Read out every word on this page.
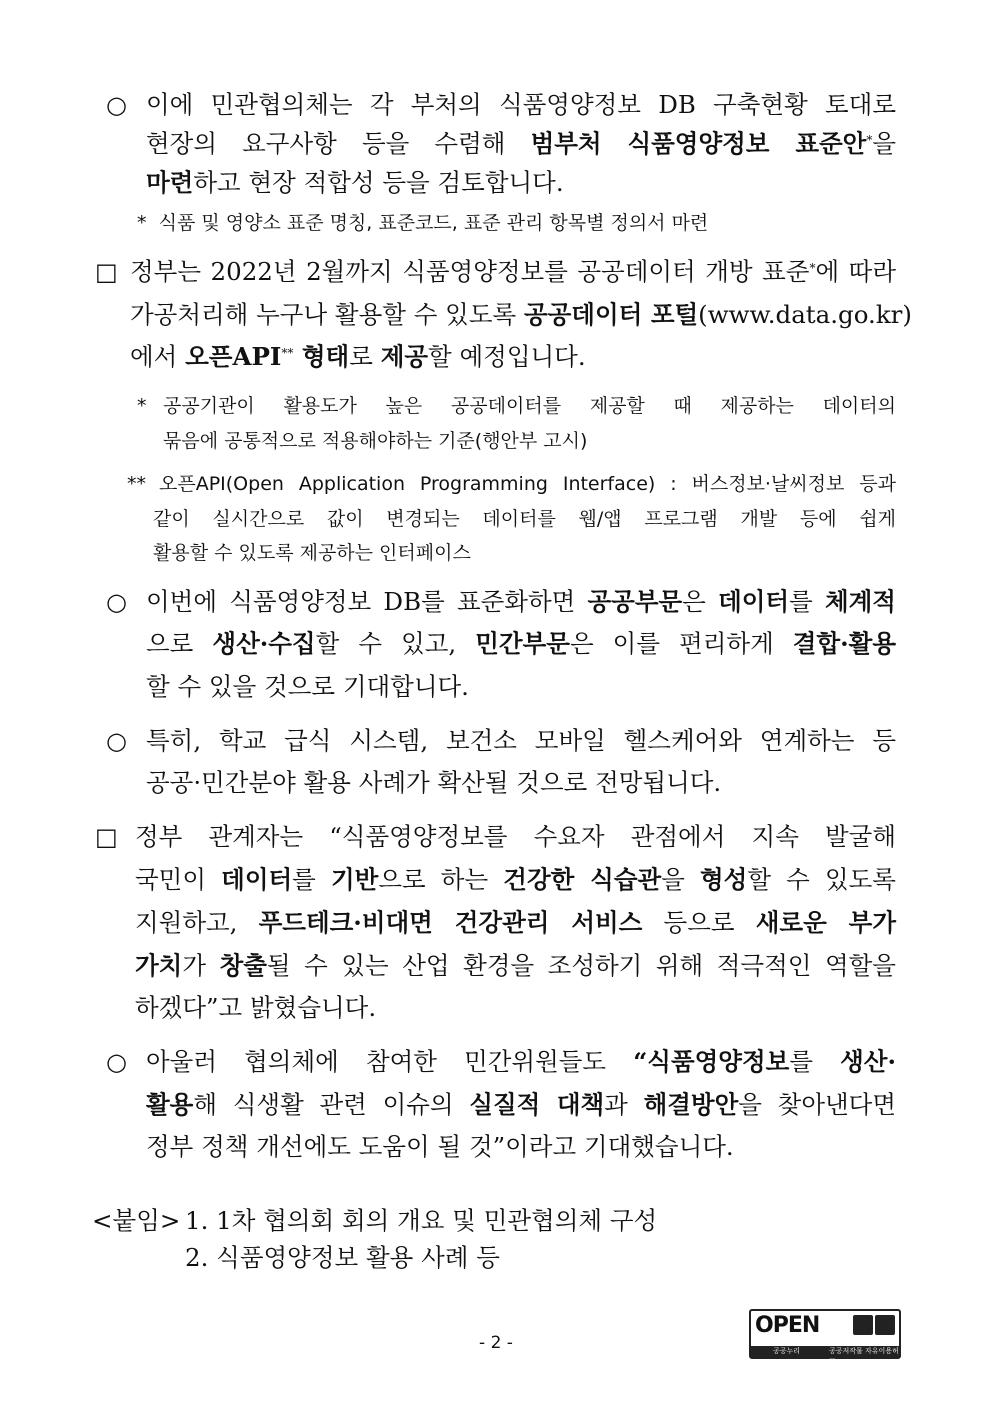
○ 이에 민관협의체는 각 부처의 식품영양정보 DB 구축현황 토대로
현장의 요구사항 등을 수렴해 범부처 식품영양정보 표준안*을
마련하고 현장 적합성 등을 검토합니다.
* 식품 및 영양소 표준 명칭, 표준코드, 표준 관리 항목별 정의서 마련
□ 정부는 2022년 2월까지 식품영양정보를 공공데이터 개방 표준*에 따라
가공처리해 누구나 활용할 수 있도록 공공데이터 포털(www.data.go.kr)
에서 오픈API** 형태로 제공할 예정입니다.
* 공공기관이 활용도가 높은 공공데이터를 제공할 때 제공하는 데이터의
묶음에 공통적으로 적용해야하는 기준(행안부 고시)
** 오픈API(Open Application Programming Interface) : 버스정보·날씨정보 등과
같이 실시간으로 값이 변경되는 데이터를 웹/앱 프로그램 개발 등에 쉽게
활용할 수 있도록 제공하는 인터페이스
○ 이번에 식품영양정보 DB를 표준화하면 공공부문은 데이터를 체계적
으로 생산·수집할 수 있고, 민간부문은 이를 편리하게 결합·활용
할 수 있을 것으로 기대합니다.
○ 특히, 학교 급식 시스템, 보건소 모바일 헬스케어와 연계하는 등
공공·민간분야 활용 사례가 확산될 것으로 전망됩니다.
□ 정부 관계자는 “식품영양정보를 수요자 관점에서 지속 발굴해
국민이 데이터를 기반으로 하는 건강한 식습관을 형성할 수 있도록
지원하고, 푸드테크·비대면 건강관리 서비스 등으로 새로운 부가
가치가 창출될 수 있는 산업 환경을 조성하기 위해 적극적인 역할을
하겠다”고 밝혔습니다.
○ 아울러 협의체에 참여한 민간위원들도 “식품영양정보를 생산·
활용해 식생활 관련 이슈의 실질적 대책과 해결방안을 찾아낸다면
정부 정책 개선에도 도움이 될 것”이라고 기대했습니다.
<붙임> 1. 1차 협의회 회의 개요 및 민관협의체 구성
2. 식품영양정보 활용 사례 등
- 2 -
OPEN
공공누리	공공저작물 자유이용허락
